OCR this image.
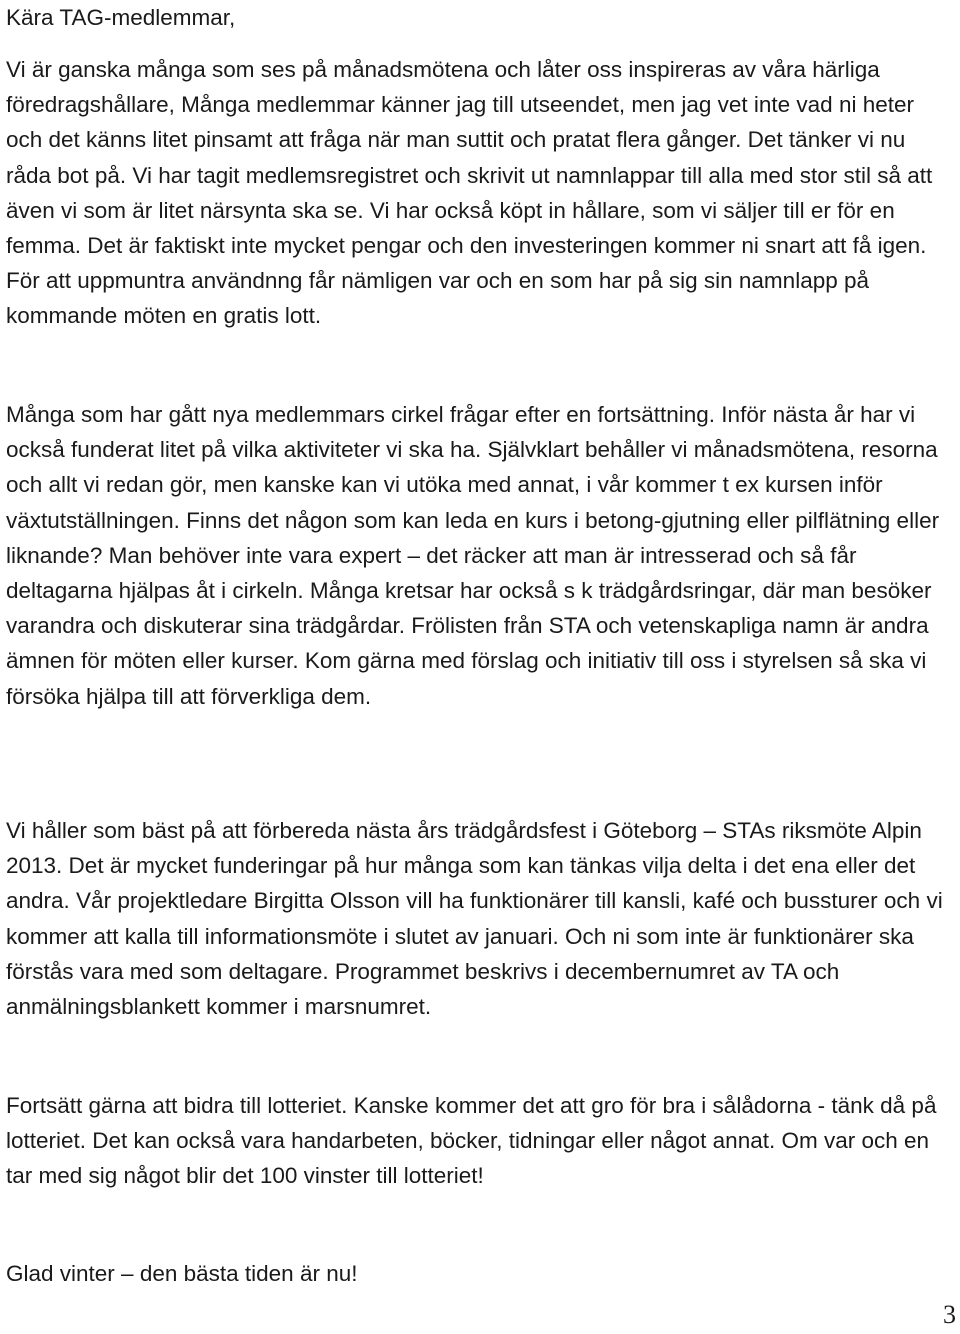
Kära TAG-medlemmar,

Vi är ganska många som ses på månadsmötena och låter oss inspireras av våra härliga föredragshållare, Många medlemmar känner jag till utseendet, men jag vet inte vad ni heter och det känns litet pinsamt att fråga när man suttit och pratat flera gånger. Det tänker vi nu råda bot på. Vi har tagit medlemsregistret och skrivit ut namnlappar till alla med stor stil så att även vi som är litet närsynta ska se. Vi har också köpt in hållare, som vi säljer till er för en femma. Det är faktiskt inte mycket pengar och den investeringen kommer ni snart att få igen. För att uppmuntra användnng får nämligen var och en som har på sig sin namnlapp på kommande möten en gratis lott.

Många som har gått nya medlemmars cirkel frågar efter en fortsättning. Inför nästa år har vi också funderat litet på vilka aktiviteter vi ska ha. Självklart behåller vi månadsmötena, resorna och allt vi redan gör, men kanske kan vi utöka med annat, i vår kommer t ex kursen inför växtutställningen. Finns det någon som kan leda en kurs i betong-gjutning eller pilflätning eller liknande? Man behöver inte vara expert – det räcker att man är intresserad och så får deltagarna hjälpas åt i cirkeln. Många kretsar har också s k trädgårdsringar, där man besöker varandra och diskuterar sina trädgårdar. Frölisten från STA och vetenskapliga namn är andra ämnen för möten eller kurser. Kom gärna med förslag och initiativ till oss i styrelsen så ska vi försöka hjälpa till att förverkliga dem.

Vi håller som bäst på att förbereda nästa års trädgårdsfest i Göteborg – STAs riksmöte Alpin 2013. Det är mycket funderingar på hur många som kan tänkas vilja delta i det ena eller det andra. Vår projektledare Birgitta Olsson vill ha funktionärer till kansli, kafé och bussturer och vi kommer att kalla till informationsmöte i slutet av januari. Och ni som inte är funktionärer ska förstås vara med som deltagare. Programmet beskrivs i decembernumret av TA och anmälningsblankett kommer i marsnumret.

Fortsätt gärna att bidra till lotteriet. Kanske kommer det att gro för bra i sålådorna - tänk då på lotteriet. Det kan också vara handarbeten, böcker, tidningar eller något annat. Om var och en tar med sig något blir det 100 vinster till lotteriet!

Glad vinter – den bästa tiden är nu!

3
